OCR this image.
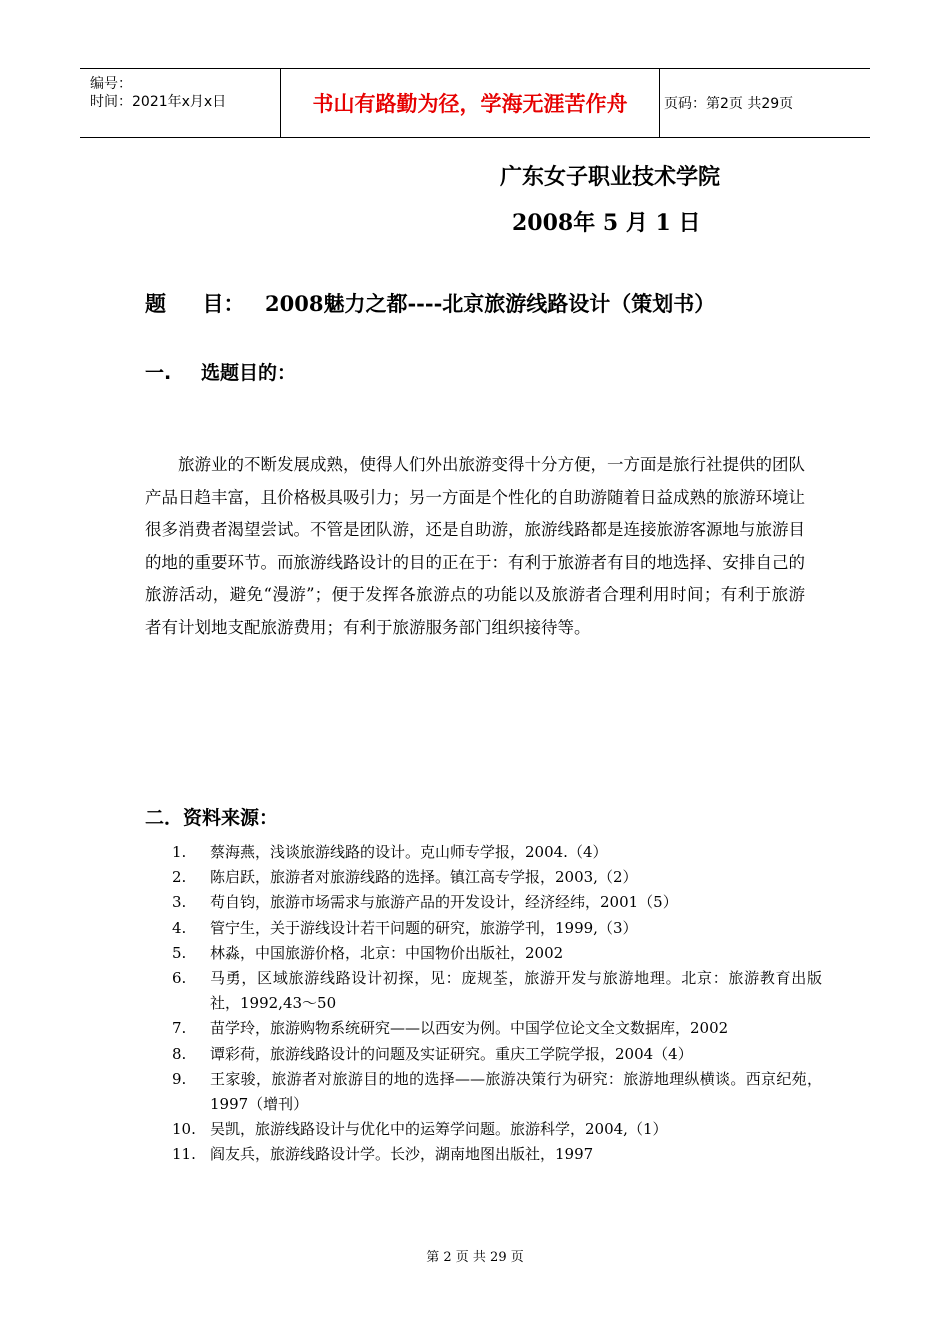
编号：
时间：2021年x月x日	书山有路勤为径，学海无涯苦作舟	页码：第2页 共29页
广东女子职业技术学院
2008年 5 月 1 日
题     目： 2008魅力之都----北京旅游线路设计（策划书）
一. 选题目的：

旅游业的不断发展成熟，使得人们外出旅游变得十分方便，一方面是旅行社提供的团队产品日趋丰富，且价格极具吸引力；另一方面是个性化的自助游随着日益成熟的旅游环境让很多消费者渴望尝试。不管是团队游，还是自助游，旅游线路都是连接旅游客源地与旅游目的地的重要环节。而旅游线路设计的目的正在于：有利于旅游者有目的地选择、安排自己的旅游活动，避免“漫游”；便于发挥各旅游点的功能以及旅游者合理利用时间；有利于旅游者有计划地支配旅游费用；有利于旅游服务部门组织接待等。

二．资料来源：
1. 蔡海燕，浅谈旅游线路的设计。克山师专学报，2004.（4）
2. 陈启跃，旅游者对旅游线路的选择。镇江高专学报，2003,（2）
3. 苟自钧，旅游市场需求与旅游产品的开发设计，经济经纬，2001（5）
4. 管宁生，关于游线设计若干问题的研究，旅游学刊，1999,（3）
5. 林淼，中国旅游价格，北京：中国物价出版社，2002
6. 马勇，区域旅游线路设计初探，见：庞规荃，旅游开发与旅游地理。北京：旅游教育出版社，1992,43～50
7. 苗学玲，旅游购物系统研究——以西安为例。中国学位论文全文数据库，2002
8. 谭彩荷，旅游线路设计的问题及实证研究。重庆工学院学报，2004（4）
9. 王家骏，旅游者对旅游目的地的选择——旅游决策行为研究：旅游地理纵横谈。西京纪苑，1997（增刊）
10. 吴凯，旅游线路设计与优化中的运筹学问题。旅游科学，2004,（1）
11. 阎友兵，旅游线路设计学。长沙，湖南地图出版社，1997
第 2 页 共 29 页
